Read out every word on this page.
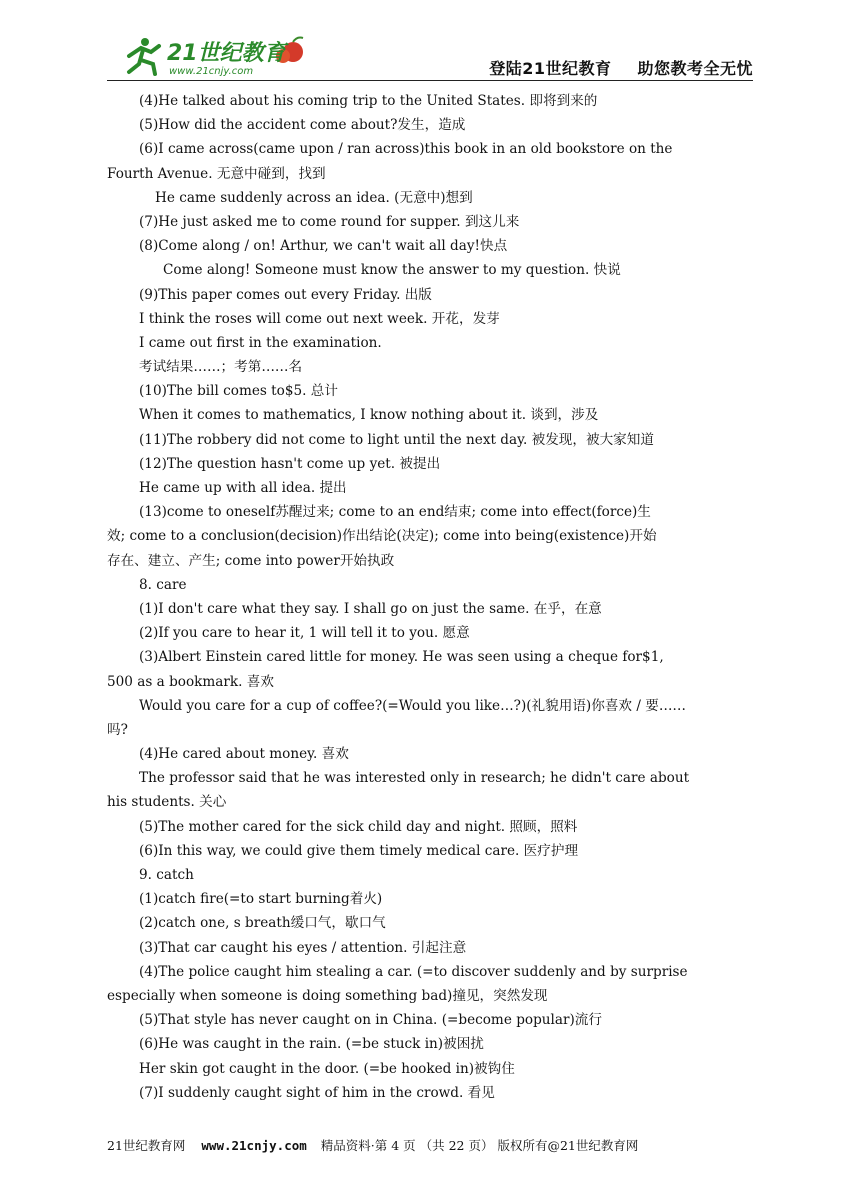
21世纪教育
www.21cnjy.com	登陆21世纪教育 助您教考全无忧
(4)He talked about his coming trip to the United States. 即将到来的
(5)How did the accident come about?发生，造成
(6)I came across(came upon / ran across)this book in an old bookstore on the
Fourth Avenue. 无意中碰到，找到
He came suddenly across an idea. (无意中)想到
(7)He just asked me to come round for supper. 到这儿来
(8)Come along / on! Arthur, we can't wait all day!快点
Come along! Someone must know the answer to my question. 快说
(9)This paper comes out every Friday. 出版
I think the roses will come out next week. 开花，发芽
I came out first in the examination.
考试结果……；考第……名
(10)The bill comes to$5. 总计
When it comes to mathematics, I know nothing about it. 谈到，涉及
(11)The robbery did not come to light until the next day. 被发现，被大家知道
(12)The question hasn't come up yet. 被提出
He came up with all idea. 提出
(13)come to oneself苏醒过来; come to an end结束; come into effect(force)生
效; come to a conclusion(decision)作出结论(决定); come into being(existence)开始
存在、建立、产生; come into power开始执政
8. care
(1)I don't care what they say. I shall go on just the same. 在乎，在意
(2)If you care to hear it, 1 will tell it to you. 愿意
(3)Albert Einstein cared little for money. He was seen using a cheque for$1,
500 as a bookmark. 喜欢
Would you care for a cup of coffee?(=Would you like…?)(礼貌用语)你喜欢 / 要……
吗?
(4)He cared about money. 喜欢
The professor said that he was interested only in research; he didn't care about
his students. 关心
(5)The mother cared for the sick child day and night. 照顾，照料
(6)In this way, we could give them timely medical care. 医疗护理
9. catch
(1)catch fire(=to start burning着火)
(2)catch one, s breath缓口气，歇口气
(3)That car caught his eyes / attention. 引起注意
(4)The police caught him stealing a car. (=to discover suddenly and by surprise
especially when someone is doing something bad)撞见，突然发现
(5)That style has never caught on in China. (=become popular)流行
(6)He was caught in the rain. (=be stuck in)被困扰
Her skin got caught in the door. (=be hooked in)被钩住
(7)I suddenly caught sight of him in the crowd. 看见
21世纪教育网 www.21cnjy.com 精品资料·第 4 页 （共 22 页） 版权所有@21世纪教育网
